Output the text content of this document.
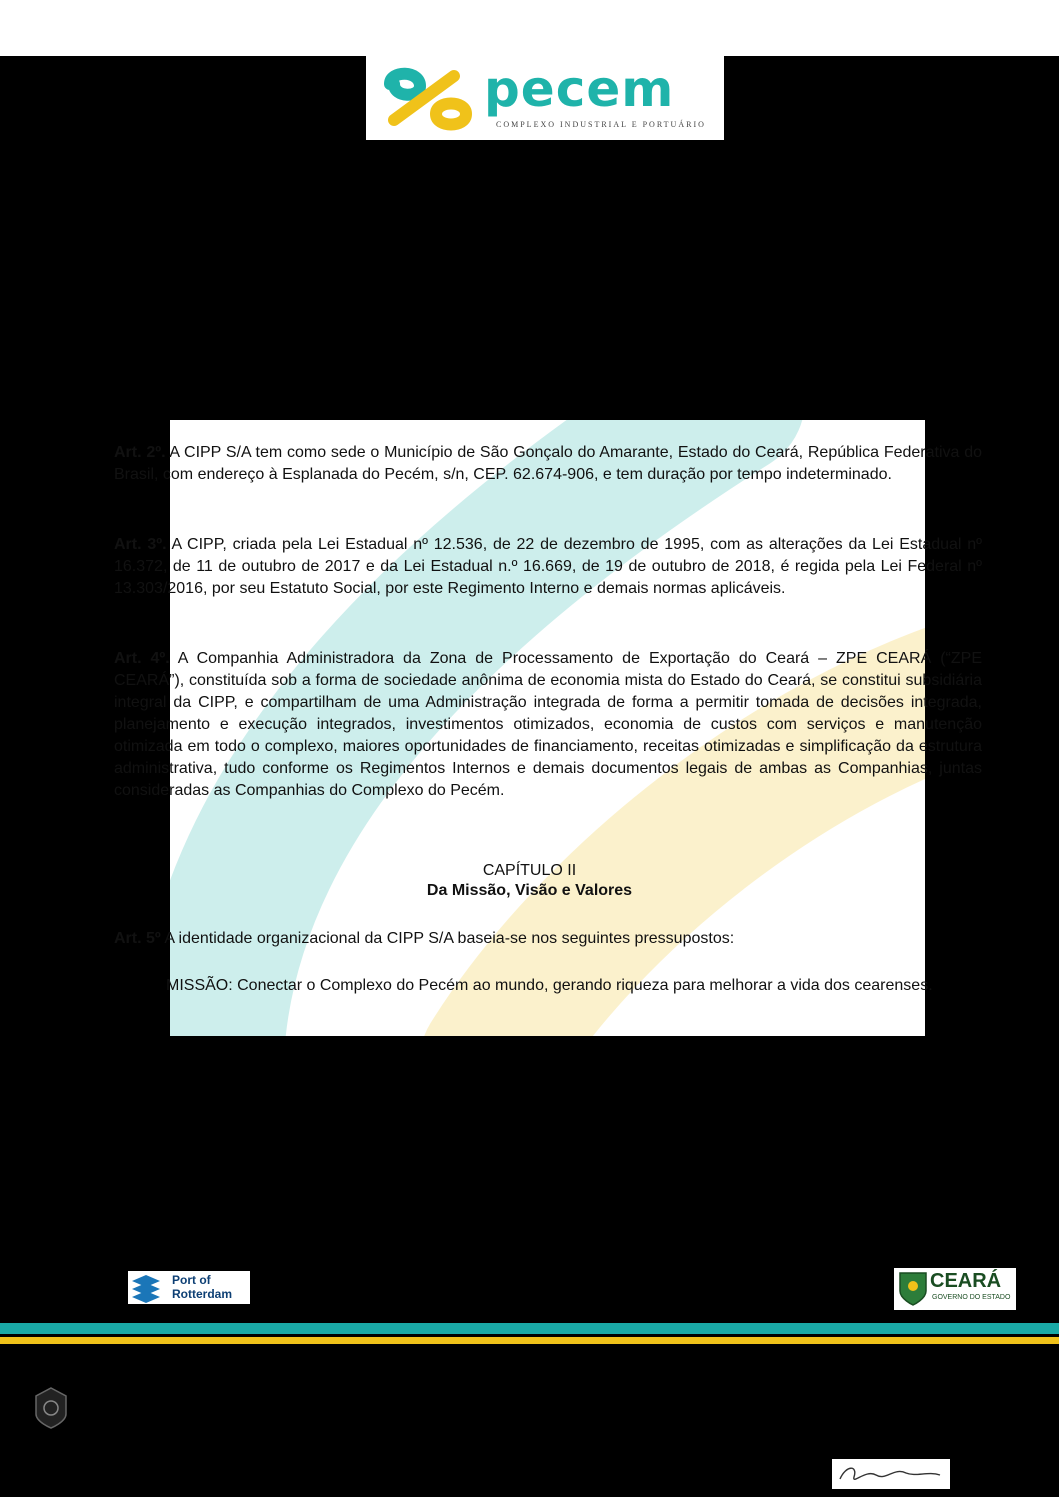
pecem
COMPLEXO INDUSTRIAL E PORTUÁRIO
REGIMENTO INTERNO
COMPANHIA DE DESENVOLVIMENTO DO COMPLEXO INDUSTRIAL E PORTUÁRIO DO
PECÉM - CIPP S/A
CAPÍTULO I
Denominação, Sede, Natureza e Subsidiária

Art. 1º. A Companhia de Desenvolvimento do Complexo Industrial e Portuário do Pecém, denominada "CIPP" e/ou "CIPP S/A", é sociedade de economia mista, organizada sob a forma de Sociedade Anônima de capital fechado, vinculada à Secretaria do Desenvolvimento Econômico – SDE, e inscrita no CNPJ/MF sob nº 01.256.678/0001-00.

Art. 2º. A CIPP S/A tem como sede o Município de São Gonçalo do Amarante, Estado do Ceará, República Federativa do Brasil, com endereço à Esplanada do Pecém, s/n, CEP. 62.674-906, e tem duração por tempo indeterminado.

Art. 3º. A CIPP, criada pela Lei Estadual nº 12.536, de 22 de dezembro de 1995, com as alterações da Lei Estadual nº 16.372, de 11 de outubro de 2017 e da Lei Estadual n.º 16.669, de 19 de outubro de 2018, é regida pela Lei Federal nº 13.303/2016, por seu Estatuto Social, por este Regimento Interno e demais normas aplicáveis.

Art. 4º. A Companhia Administradora da Zona de Processamento de Exportação do Ceará – ZPE CEARÁ (“ZPE CEARÁ”), constituída sob a forma de sociedade anônima de economia mista do Estado do Ceará, se constitui subsidiária integral da CIPP, e compartilham de uma Administração integrada de forma a permitir tomada de decisões integrada, planejamento e execução integrados, investimentos otimizados, economia de custos com serviços e manutenção otimizada em todo o complexo, maiores oportunidades de financiamento, receitas otimizadas e simplificação da estrutura administrativa, tudo conforme os Regimentos Internos e demais documentos legais de ambas as Companhias, juntas consideradas as Companhias do Complexo do Pecém.

CAPÍTULO II
Da Missão, Visão e Valores

Art. 5º A identidade organizacional da CIPP S/A baseia-se nos seguintes pressupostos:

MISSÃO: Conectar o Complexo do Pecém ao mundo, gerando riqueza para melhorar a vida dos cearenses.
VISÃO: Ser o principal complexo industrial portuário do Brasil, com o melhor ambiente de negócios do Brasil, sendo referência de sustentabilidade até 2035
Foco no Cliente: Nossos processos e operação passam pela perspectiva do cliente para alcançar eficácia e superar as expectativas;
Integridade: Agimos com credibilidade, ética e transparência;
Port of
Rotterdam
Complexo Industrial e Portuário do Pecém
Esplanada do Pecém, s/n – Pecém – São Gonçalo do Amarante – Ceará – CEP: 62.674-906
Fone: (85) 3372.1500 – E-mail: contato@complexodopecem.com.br
CEARÁ
GOVERNO DO ESTADO
Junta Comercial do Estado do Ceará
Certifico registro sob o nº 6256281 em 11/08/2023 da Empresa COMPANHIA DE DESENVOLVIMENTO DO COMPLEXO INDUSTRIAL E PORTUARIO DO PECEM - CIPP, CNPJ 01256678000100 e protocolo 231307948 - 09/08/2023. Autenticação: C84E62FCF6E0E2281867129C47454A8BB9E6E65. CAROLINA PRICE EVANGELISTA MONTEIRO - Presidente. Para validar este documento, acesse http://www.jucec.ce.gov.br e informe nº do protocolo 23/130.794-8 e o código de segurança ZUTA Esta cópia foi autenticada digitalmente e assinada em 11/08/2023 por CAROLINA PRICE EVANGELISTA MONTEIRO Presidente.
pág. 7/47
